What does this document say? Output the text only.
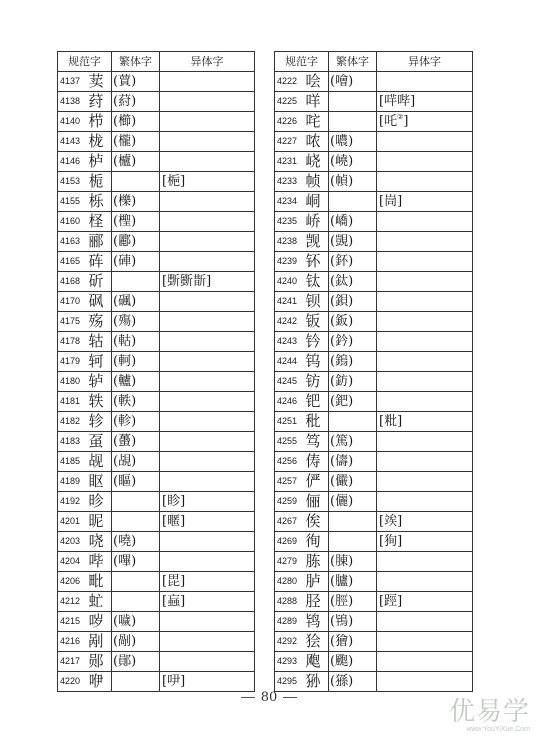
规范字		繁体字	异体字
4137	荬	(蕒)	
4138	荮	(葤)	
4140	栉	(櫛)	
4143	栊	(櫳)	
4146	栌	(櫨)	
4153	栀		[梔]
4155	栎	(櫟)	
4160	柽	(檉)	
4163	郦	(酈)	
4165	砗	(硨)	
4168	斫		[斲斵斮]
4170	砜	(碸)	
4175	殇	(殤)	
4178	轱	(軲)	
4179	轲	(軻)	
4180	轳	(轤)	
4181	轶	(軼)	
4182	轸	(軫)	
4183	虿	(蠆)	
4185	觇	(覘)	
4189	眍	(瞘)	
4192	昣		[眕]
4201	昵		[暱]
4203	哓	(嘵)	
4204	哔	(嗶)	
4206	毗		[毘]
4212	虻		[蝱]
4215	哕	(噦)	
4216	剐	(剮)	
4217	郧	(鄖)	
4220	咿		[吚]
规范字		繁体字	异体字
4222	哙	(噲)	
4225	咩		[哶哔]
4226	咤		[吒②]
4227	哝	(噥)	
4231	峣	(嶢)	
4233	帧	(幀)	
4234	峒		[峝]
4235	峤	(嶠)	
4238	觊	(覬)	
4239	钚	(鈈)	
4240	钛	(鈦)	
4241	钡	(鋇)	
4242	钣	(鈑)	
4243	钤	(鈐)	
4244	钨	(鎢)	
4245	钫	(鈁)	
4246	钯	(鈀)	
4251	秕		[粃]
4255	笃	(篤)	
4256	俦	(儔)	
4257	俨	(儼)	
4259	俪	(儷)	
4267	俟		[竢]
4269	徇		[狥]
4279	胨	(腖)	
4280	胪	(臚)	
4288	胫	(脛)	[踁]
4289	鸨	(鴇)	
4292	狯	(獪)	
4293	飑	(颮)	
4295	狲	(猻)	
80	优易学
www.YouYiXue.Com
